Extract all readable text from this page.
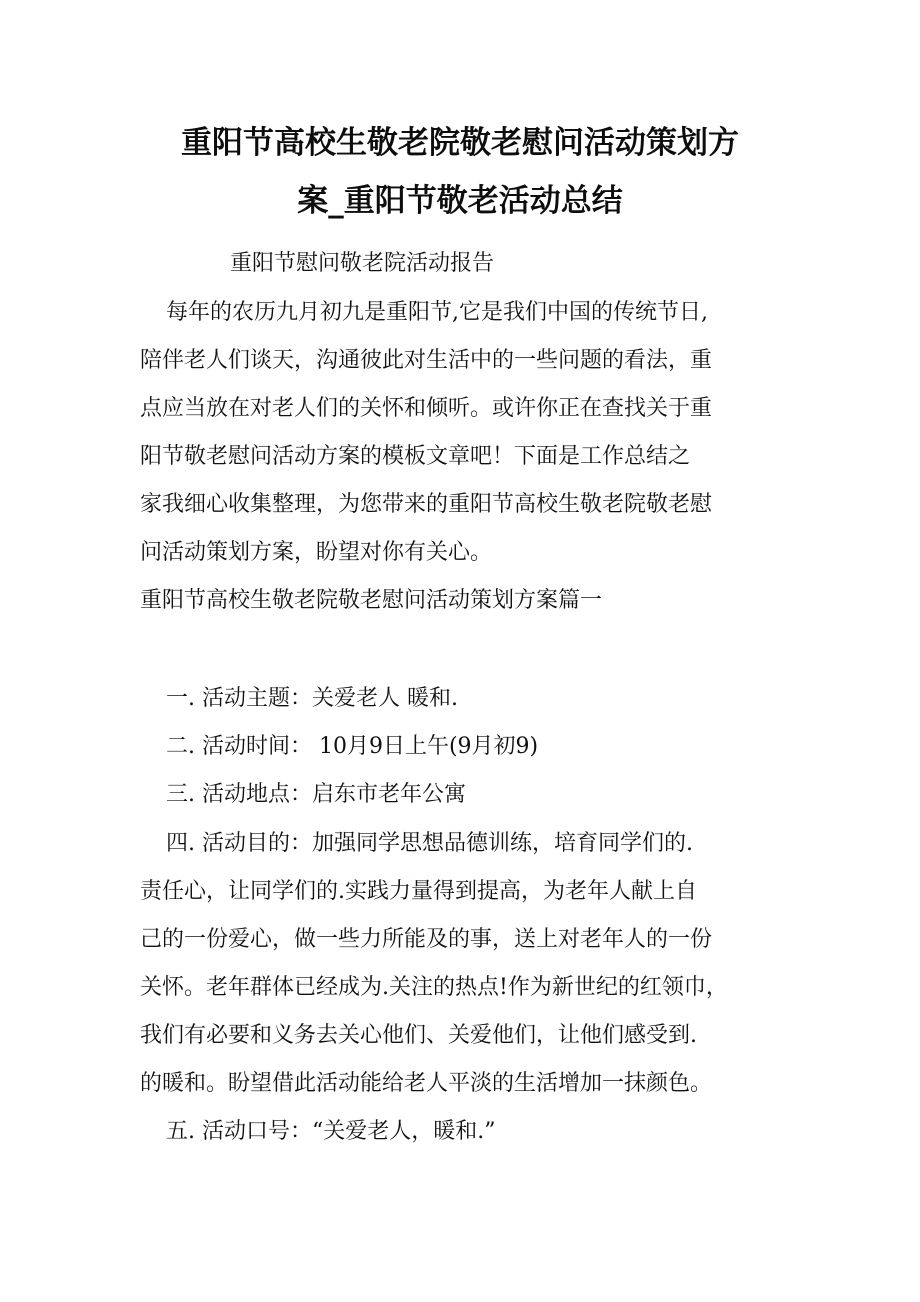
重阳节高校生敬老院敬老慰问活动策划方
案_重阳节敬老活动总结
重阳节慰问敬老院活动报告
每年的农历九月初九是重阳节,它是我们中国的传统节日,
陪伴老人们谈天，沟通彼此对生活中的一些问题的看法，重
点应当放在对老人们的关怀和倾听。或许你正在查找关于重
阳节敬老慰问活动方案的模板文章吧！下面是工作总结之
家我细心收集整理，为您带来的重阳节高校生敬老院敬老慰
问活动策划方案，盼望对你有关心。
重阳节高校生敬老院敬老慰问活动策划方案篇一
一. 活动主题：关爱老人 暖和.
二. 活动时间： 10月9日上午(9月初9)
三. 活动地点：启东市老年公寓
四. 活动目的：加强同学思想品德训练，培育同学们的.
责任心，让同学们的.实践力量得到提高，为老年人献上自
己的一份爱心，做一些力所能及的事，送上对老年人的一份
关怀。老年群体已经成为.关注的热点!作为新世纪的红领巾，
我们有必要和义务去关心他们、关爱他们，让他们感受到.
的暖和。盼望借此活动能给老人平淡的生活增加一抹颜色。
五. 活动口号：“关爱老人，暖和.”
